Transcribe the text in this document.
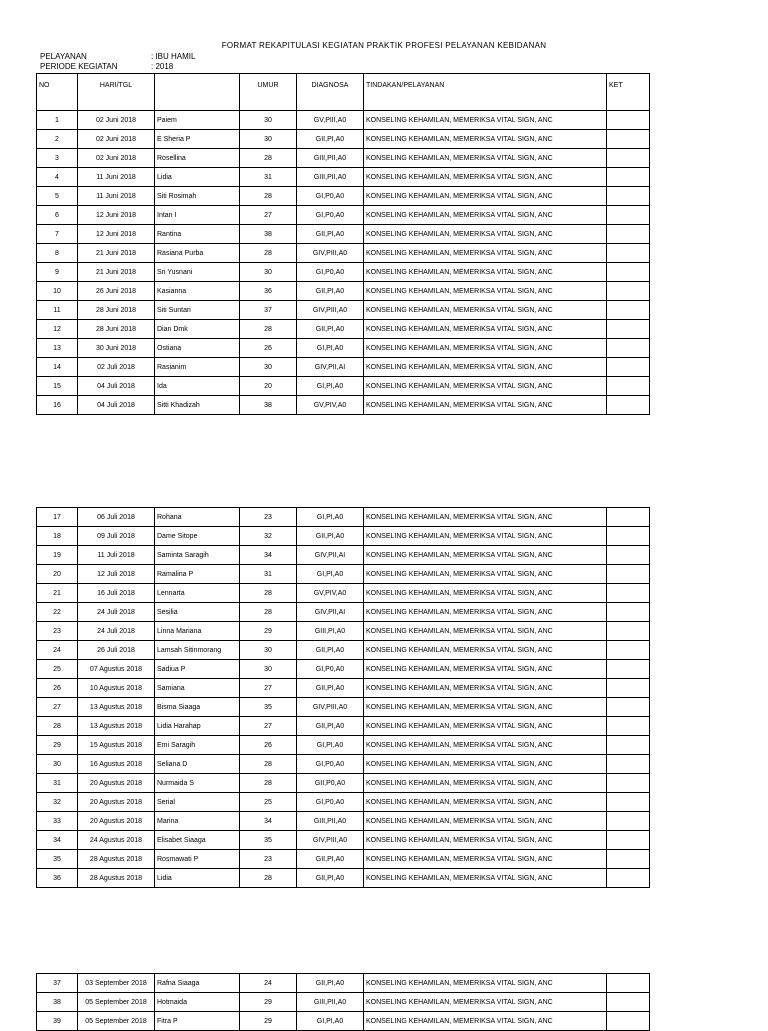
FORMAT REKAPITULASI KEGIATAN PRAKTIK PROFESI PELAYANAN KEBIDANAN
PELAYANAN	: IBU HAMIL
PERIODE KEGIATAN	: 2018
NO	HARI/TGL		UMUR	DIAGNOSA	TINDAKAN/PELAYANAN	KET
1	02 Juni 2018	Paiem	30	GV,PIII,A0	KONSELING KEHAMILAN, MEMERIKSA VITAL SIGN, ANC	
2	02 Juni 2018	E Sheria P	30	GII,PI,A0	KONSELING KEHAMILAN, MEMERIKSA VITAL SIGN, ANC	
3	02 Juni 2018	Rosellina	28	GIII,PII,A0	KONSELING KEHAMILAN, MEMERIKSA VITAL SIGN, ANC	
4	11 Juni 2018	Lidia	31	GIII,PII,A0	KONSELING KEHAMILAN, MEMERIKSA VITAL SIGN, ANC	
5	11 Juni 2018	Siti Rosimah	28	GI,P0,A0	KONSELING KEHAMILAN, MEMERIKSA VITAL SIGN, ANC	
6	12 Juni 2018	Intan I	27	GI,P0,A0	KONSELING KEHAMILAN, MEMERIKSA VITAL SIGN, ANC	
7	12 Juni 2018	Rantina	38	GII,PI,A0	KONSELING KEHAMILAN, MEMERIKSA VITAL SIGN, ANC	
8	21 Juni 2018	Rasiana Purba	28	GIV,PIII,A0	KONSELING KEHAMILAN, MEMERIKSA VITAL SIGN, ANC	
9	21 Juni 2018	Sri Yusnani	30	GI,P0,A0	KONSELING KEHAMILAN, MEMERIKSA VITAL SIGN, ANC	
10	26 Juni 2018	Kasianna	36	GII,PI,A0	KONSELING KEHAMILAN, MEMERIKSA VITAL SIGN, ANC	
11	28 Juni 2018	Siti Suntari	37	GIV,PIII,A0	KONSELING KEHAMILAN, MEMERIKSA VITAL SIGN, ANC	
12	28 Juni 2018	Dian Dmk	28	GII,PI,A0	KONSELING KEHAMILAN, MEMERIKSA VITAL SIGN, ANC	
13	30 Juni 2018	Ostiana	26	GI,PI,A0	KONSELING KEHAMILAN, MEMERIKSA VITAL SIGN, ANC	
14	02 Juli 2018	Rasianim	30	GIV,PII,AI	KONSELING KEHAMILAN, MEMERIKSA VITAL SIGN, ANC	
15	04 Juli 2018	Ida	20	GI,PI,A0	KONSELING KEHAMILAN, MEMERIKSA VITAL SIGN, ANC	
16	04 Juli 2018	Sitti Khadizah	38	GV,PIV,A0	KONSELING KEHAMILAN, MEMERIKSA VITAL SIGN, ANC	
17	06 Juli 2018	Rohana	23	GI,PI,A0	KONSELING KEHAMILAN, MEMERIKSA VITAL SIGN, ANC	
18	09 Juli 2018	Dame Sitope	32	GII,PI,A0	KONSELING KEHAMILAN, MEMERIKSA VITAL SIGN, ANC	
19	11 Juli 2018	Saminta Saragih	34	GIV,PII,AI	KONSELING KEHAMILAN, MEMERIKSA VITAL SIGN, ANC	
20	12 Juli 2018	Ramalina P	31	GI,PI,A0	KONSELING KEHAMILAN, MEMERIKSA VITAL SIGN, ANC	
21	16 Juli 2018	Lennarta	28	GV,PIV,A0	KONSELING KEHAMILAN, MEMERIKSA VITAL SIGN, ANC	
22	24 Juli 2018	Sesilia	28	GIV,PII,AI	KONSELING KEHAMILAN, MEMERIKSA VITAL SIGN, ANC	
23	24 Juli 2018	Linna Mariana	29	GIII,PI,A0	KONSELING KEHAMILAN, MEMERIKSA VITAL SIGN, ANC	
24	26 Juli 2018	Lamsah Sitinmorang	30	GII,PI,A0	KONSELING KEHAMILAN, MEMERIKSA VITAL SIGN, ANC	
25	07 Agustus 2018	Sadiua P	30	GI,P0,A0	KONSELING KEHAMILAN, MEMERIKSA VITAL SIGN, ANC	
26	10 Agustus 2018	Samiana	27	GII,PI,A0	KONSELING KEHAMILAN, MEMERIKSA VITAL SIGN, ANC	
27	13 Agustus 2018	Bisma Siaaga	35	GIV,PIII,A0	KONSELING KEHAMILAN, MEMERIKSA VITAL SIGN, ANC	
28	13 Agustus 2018	Lidia Harahap	27	GII,PI,A0	KONSELING KEHAMILAN, MEMERIKSA VITAL SIGN, ANC	
29	15 Agustus 2018	Emi Saragih	26	GI,PI,A0	KONSELING KEHAMILAN, MEMERIKSA VITAL SIGN, ANC	
30	16 Agustus 2018	Seliana D	28	GI,P0,A0	KONSELING KEHAMILAN, MEMERIKSA VITAL SIGN, ANC	
31	20 Agustus 2018	Nurmaida S	28	GII,P0,A0	KONSELING KEHAMILAN, MEMERIKSA VITAL SIGN, ANC	
32	20 Agustus 2018	Serial	25	GI,P0,A0	KONSELING KEHAMILAN, MEMERIKSA VITAL SIGN, ANC	
33	20 Agustus 2018	Marina	34	GIII,PII,A0	KONSELING KEHAMILAN, MEMERIKSA VITAL SIGN, ANC	
34	24 Agustus 2018	Elisabet Siaaga	35	GIV,PIII,A0	KONSELING KEHAMILAN, MEMERIKSA VITAL SIGN, ANC	
35	28 Agustus 2018	Rosmawati P	23	GII,PI,A0	KONSELING KEHAMILAN, MEMERIKSA VITAL SIGN, ANC	
36	28 Agustus 2018	Lidia	28	GII,PI,A0	KONSELING KEHAMILAN, MEMERIKSA VITAL SIGN, ANC	
37	03 September 2018	Rafna Siaaga	24	GII,PI,A0	KONSELING KEHAMILAN, MEMERIKSA VITAL SIGN, ANC	
38	05 September 2018	Hotmaida	29	GIII,PII,A0	KONSELING KEHAMILAN, MEMERIKSA VITAL SIGN, ANC	
39	05 September 2018	Fitra P	29	GI,PI,A0	KONSELING KEHAMILAN, MEMERIKSA VITAL SIGN, ANC	
